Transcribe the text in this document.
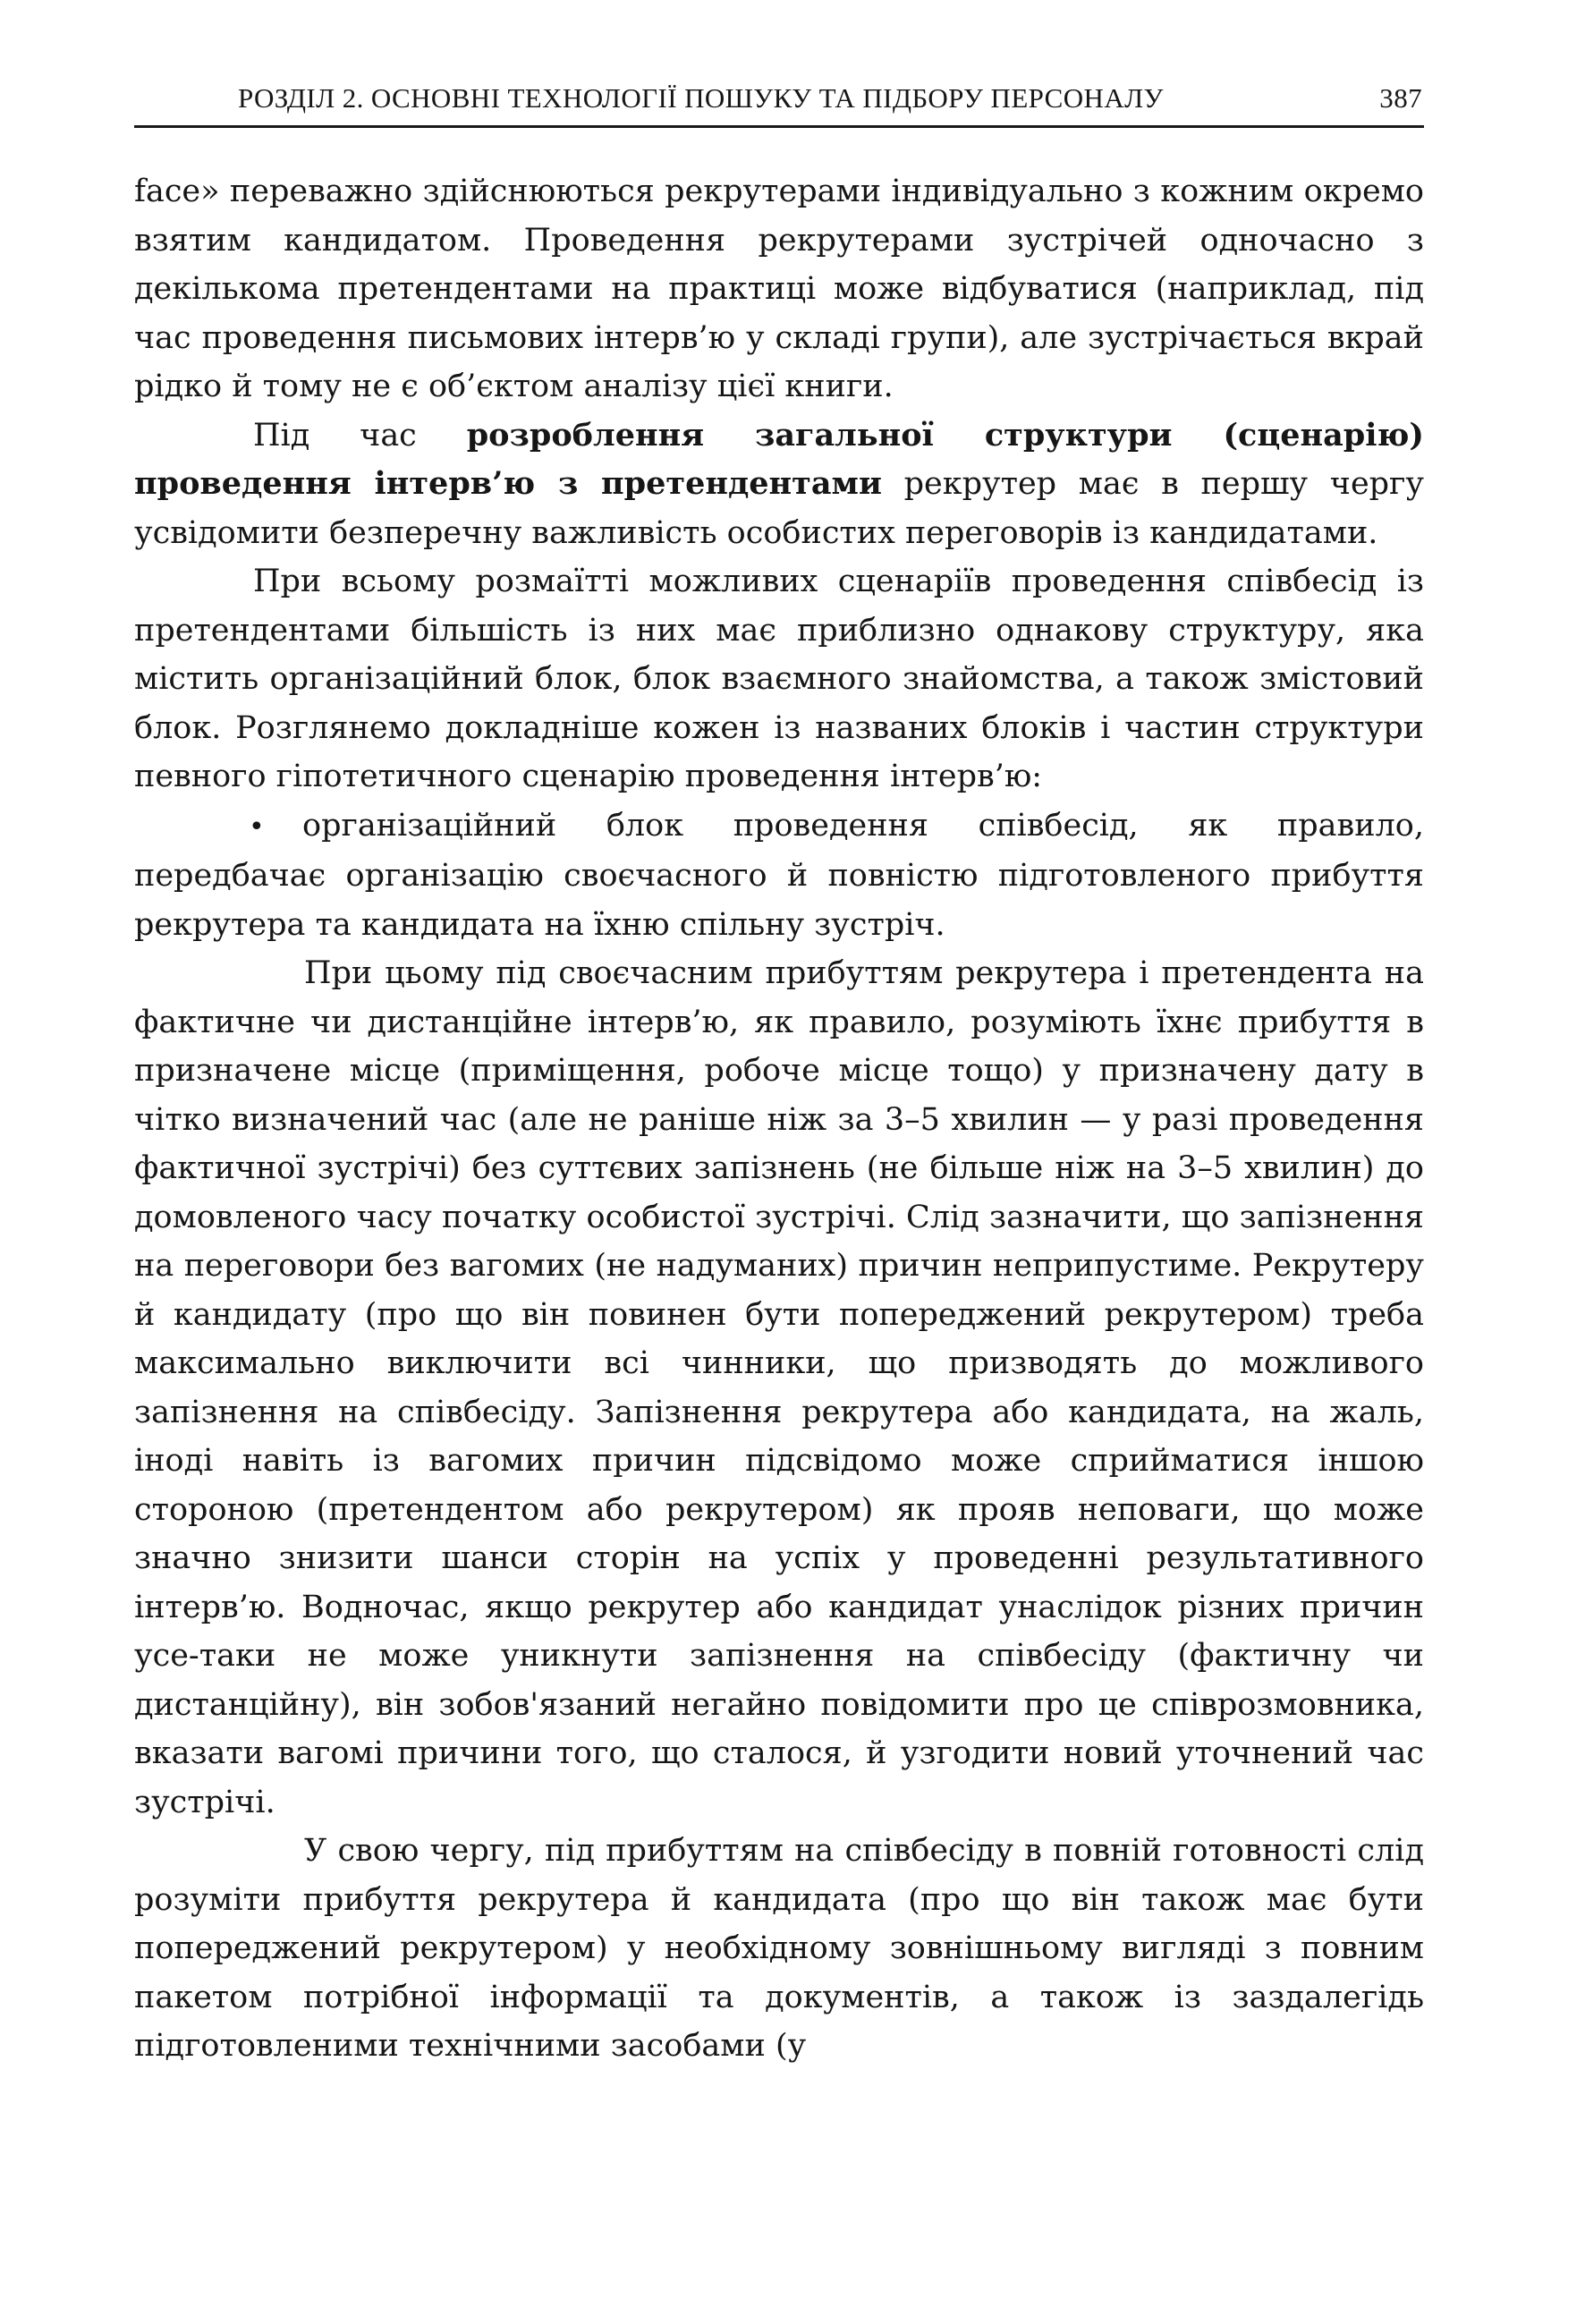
РОЗДІЛ 2. ОСНОВНІ ТЕХНОЛОГІЇ ПОШУКУ ТА ПІДБОРУ ПЕРСОНАЛУ	387

face» переважно здійснюються рекрутерами індивідуально з кожним окремо взятим кандидатом. Проведення рекрутерами зустрічей одночасно з декількома претендентами на практиці може відбуватися (наприклад, під час проведення письмових інтерв’ю у складі групи), але зустрічається вкрай рідко й тому не є об’єктом аналізу цієї книги.

Під час розроблення загальної структури (сценарію) проведення інтерв’ю з претендентами рекрутер має в першу чергу усвідомити безперечну важливість особистих переговорів із кандидатами.

При всьому розмаїтті можливих сценаріїв проведення співбесід із претендентами більшість із них має приблизно однакову структуру, яка містить організаційний блок, блок взаємного знайомства, а також змістовий блок. Розглянемо докладніше кожен із названих блоків і частин структури певного гіпотетичного сценарію проведення інтерв’ю:

• організаційний блок проведення співбесід, як правило, передбачає організацію своєчасного й повністю підготовленого прибуття рекрутера та кандидата на їхню спільну зустріч.

При цьому під своєчасним прибуттям рекрутера і претендента на фактичне чи дистанційне інтерв’ю, як правило, розуміють їхнє прибуття в призначене місце (приміщення, робоче місце тощо) у призначену дату в чітко визначений час (але не раніше ніж за 3–5 хвилин — у разі проведення фактичної зустрічі) без суттєвих запізнень (не більше ніж на 3–5 хвилин) до домовленого часу початку особистої зустрічі. Слід зазначити, що запізнення на переговори без вагомих (не надуманих) причин неприпустиме. Рекрутеру й кандидату (про що він повинен бути попереджений рекрутером) треба максимально виключити всі чинники, що призводять до можливого запізнення на співбесіду. Запізнення рекрутера або кандидата, на жаль, іноді навіть із вагомих причин підсвідомо може сприйматися іншою стороною (претендентом або рекрутером) як прояв неповаги, що може значно знизити шанси сторін на успіх у проведенні результативного інтерв’ю. Водночас, якщо рекрутер або кандидат унаслідок різних причин усе-таки не може уникнути запізнення на співбесіду (фактичну чи дистанційну), він зобов'язаний негайно повідомити про це співрозмовника, вказати вагомі причини того, що сталося, й узгодити новий уточнений час зустрічі.

У свою чергу, під прибуттям на співбесіду в повній готовності слід розуміти прибуття рекрутера й кандидата (про що він також має бути попереджений рекрутером) у необхідному зовнішньому вигляді з повним пакетом потрібної інформації та документів, а також із заздалегідь підготовленими технічними засобами (у
